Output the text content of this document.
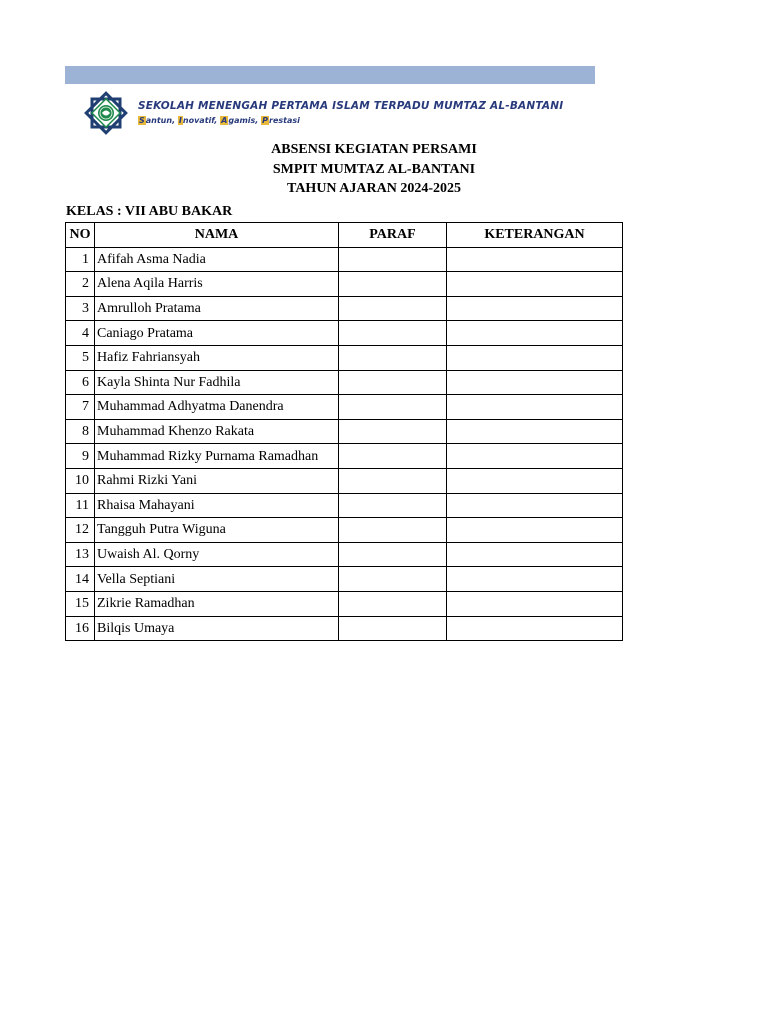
SEKOLAH MENENGAH PERTAMA ISLAM TERPADU MUMTAZ AL-BANTANI
Santun, Inovatif, Agamis, Prestasi
ABSENSI KEGIATAN PERSAMI
SMPIT MUMTAZ AL-BANTANI
TAHUN AJARAN 2024-2025
KELAS : VII ABU BAKAR
NO	NAMA	PARAF	KETERANGAN
1	Afifah Asma Nadia		
2	Alena Aqila Harris		
3	Amrulloh Pratama		
4	Caniago Pratama		
5	Hafiz Fahriansyah		
6	Kayla Shinta Nur Fadhila		
7	Muhammad Adhyatma Danendra		
8	Muhammad Khenzo Rakata		
9	Muhammad Rizky Purnama Ramadhan		
10	Rahmi Rizki Yani		
11	Rhaisa Mahayani		
12	Tangguh Putra Wiguna		
13	Uwaish Al. Qorny		
14	Vella Septiani		
15	Zikrie Ramadhan		
16	Bilqis Umaya		
